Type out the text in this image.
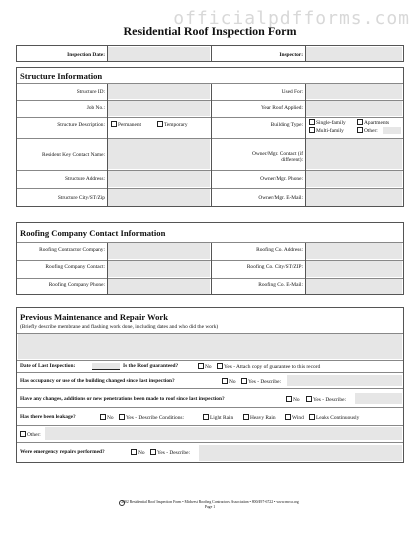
officialpdfforms.com
Residential Roof Inspection Form
Inspection Date:	Inspector:
Structure Information
Structure ID:	Used For:
Job No.:	Year Roof Applied:
Structure Description:	Permanent	Temporary	Building Type:	Single-family	Apartments
Multi-family	Other:
Resident Key Contact Name:	Owner/Mgr. Contact (if different):
Structure Address:	Owner/Mgr. Phone:
Structure City/ST/Zip	Owner/Mgr. E-Mail:
Roofing Company Contact Information
Roofing Contractor Company:	Roofing Co. Address:
Roofing Company Contact:	Roofing Co. City/ST/ZIP:
Roofing Company Phone:	Roofing Co. E-Mail:
Previous Maintenance and Repair Work
(Briefly describe membrane and flashing work done, including dates and who did the work)
Date of Last Inspection:	Is the Roof guaranteed?	No	Yes - Attach copy of guarantee to this record
Has occupancy or use of the building changed since last inspection?	No	Yes - Describe:
Have any changes, additions or new penetrations been made to roof since last inspection?	No	Yes - Describe:
Has there been leakage?	No	Yes - Describe Conditions:	Light Rain	Heavy Rain	Wind	Leaks Continuously
Other:
Were emergency repairs performed?	No	Yes - Describe:
2002 Residential Roof Inspection Form • Midwest Roofing Contractors Association • 800/497-6722 • www.mrca.org
Page 1
